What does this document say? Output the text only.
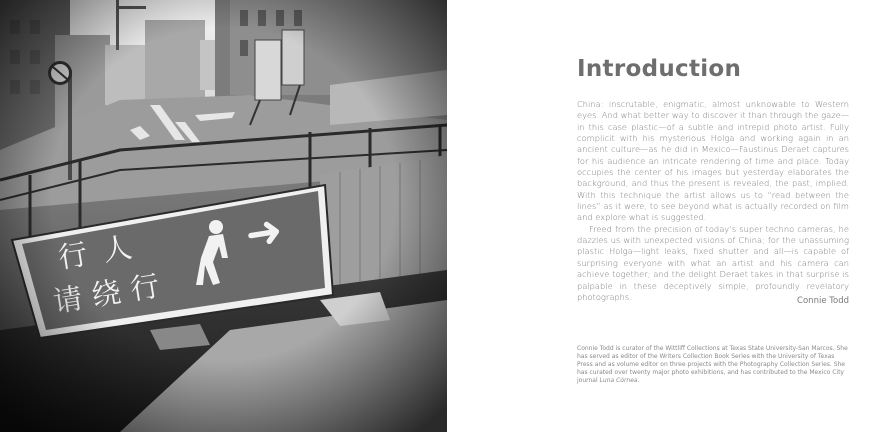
Introduction

China: inscrutable, enigmatic, almost unknowable to Western eyes. And what better way to discover it than through the gaze—in this case plastic—of a subtle and intrepid photo artist. Fully complicit with his mysterious Holga and working again in an ancient culture—as he did in Mexico—Faustinus Deraet captures for his audience an intricate rendering of time and place. Today occupies the center of his images but yesterday elaborates the background, and thus the present is revealed, the past, implied. With this technique the artist allows us to “read between the lines” as it were, to see beyond what is actually recorded on film and explore what is suggested.

Freed from the precision of today’s super techno cameras, he dazzles us with unexpected visions of China; for the unassuming plastic Holga—light leaks, fixed shutter and all—is capable of surprising everyone with what an artist and his camera can achieve together; and the delight Deraet takes in that surprise is palpable in these deceptively simple, profoundly revelatory photographs.	Connie Todd
Connie Todd is curator of the Wittliff Collections at Texas State University-San Marcos. She has served as editor of the Writers Collection Book Series with the University of Texas Press and as volume editor on three projects with the Photography Collection Series. She has curated over twenty major photo exhibitions, and has contributed to the Mexico City journal Luna Córnea.
